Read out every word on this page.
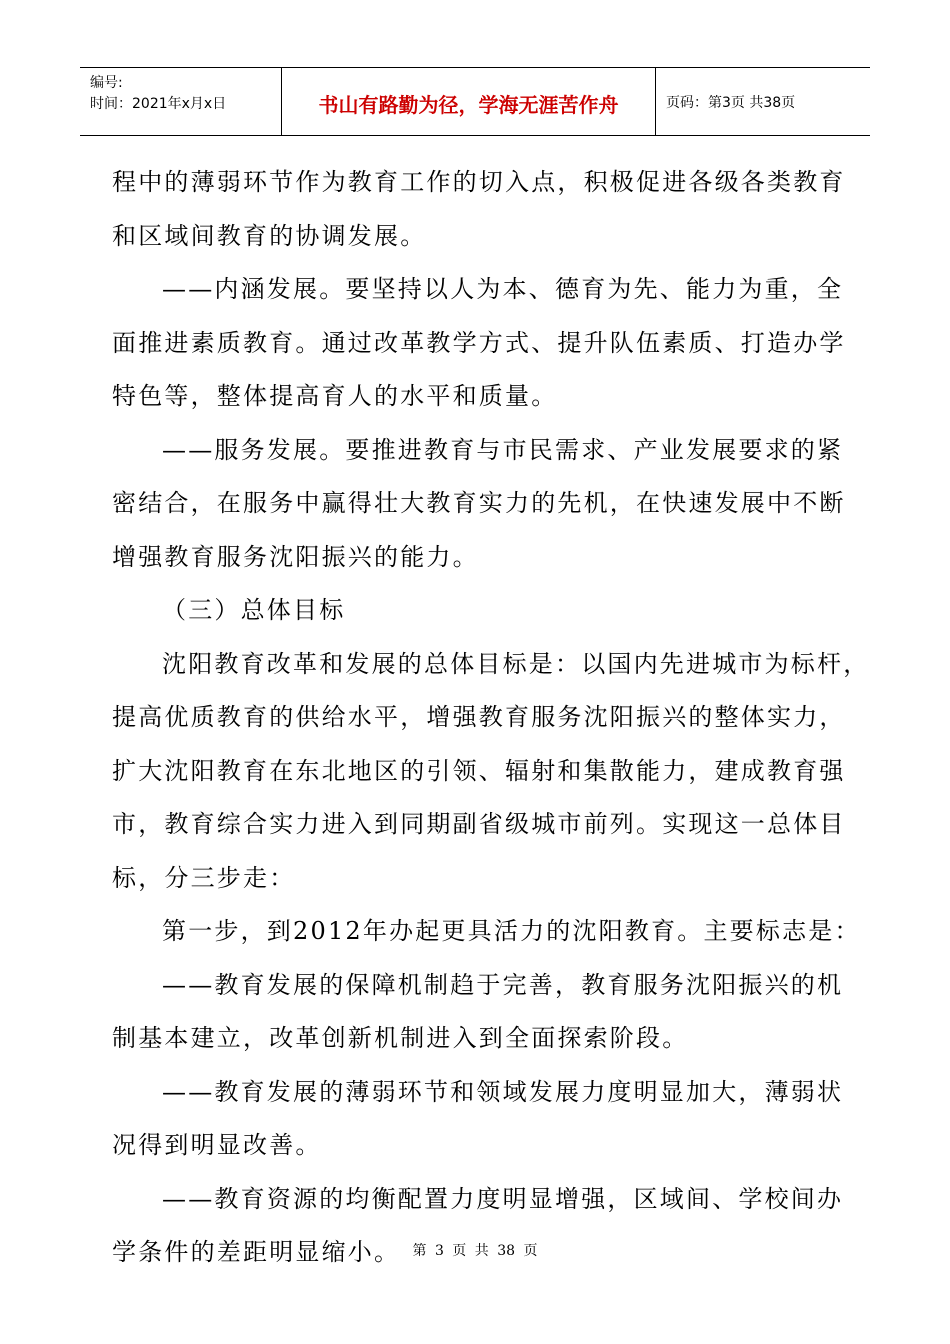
编号:
时间：2021年x月x日	书山有路勤为径，学海无涯苦作舟	页码：第3页 共38页
程中的薄弱环节作为教育工作的切入点，积极促进各级各类教育
和区域间教育的协调发展。
——内涵发展。要坚持以人为本、德育为先、能力为重，全
面推进素质教育。通过改革教学方式、提升队伍素质、打造办学
特色等，整体提高育人的水平和质量。
——服务发展。要推进教育与市民需求、产业发展要求的紧
密结合，在服务中赢得壮大教育实力的先机，在快速发展中不断
增强教育服务沈阳振兴的能力。
（三）总体目标
沈阳教育改革和发展的总体目标是：以国内先进城市为标杆，
提高优质教育的供给水平，增强教育服务沈阳振兴的整体实力，
扩大沈阳教育在东北地区的引领、辐射和集散能力，建成教育强
市，教育综合实力进入到同期副省级城市前列。实现这一总体目
标，分三步走：
第一步，到2012年办起更具活力的沈阳教育。主要标志是：
——教育发展的保障机制趋于完善，教育服务沈阳振兴的机
制基本建立，改革创新机制进入到全面探索阶段。
——教育发展的薄弱环节和领域发展力度明显加大，薄弱状
况得到明显改善。
——教育资源的均衡配置力度明显增强，区域间、学校间办
学条件的差距明显缩小。 第 3 页 共 38 页
